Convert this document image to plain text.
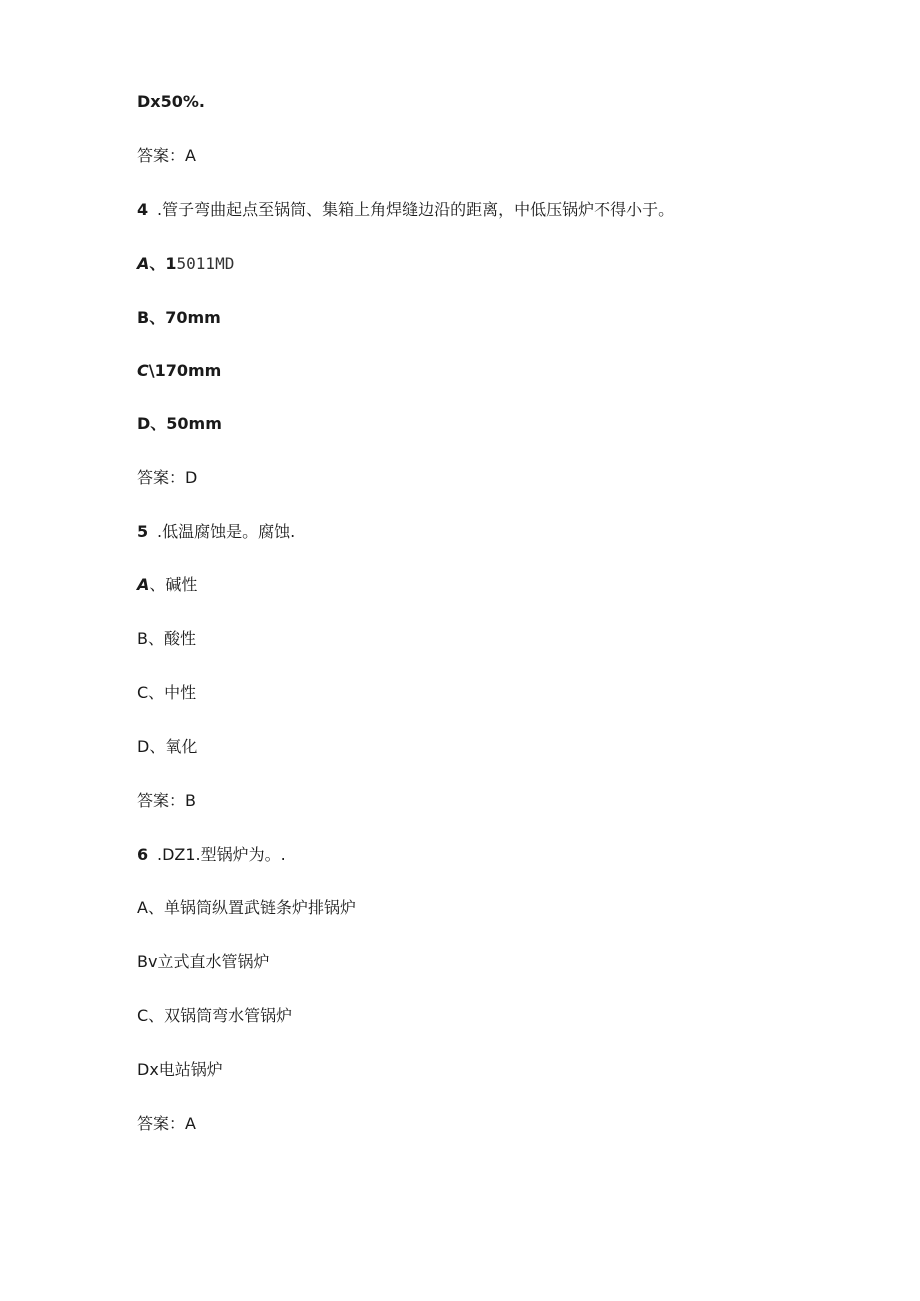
Dx50%.
答案：A
4 .管子弯曲起点至锅筒、集箱上角焊缝边沿的距离，中低压锅炉不得小于。
A、15011MD
B、70mm
C\170mm
D、50mm
答案：D
5 .低温腐蚀是。腐蚀.
A、碱性
B、酸性
C、中性
D、氧化
答案：B
6 .DZ1.型锅炉为。.
A、单锅筒纵置武链条炉排锅炉
Bv立式直水管锅炉
C、双锅筒弯水管锅炉
Dx电站锅炉
答案：A
